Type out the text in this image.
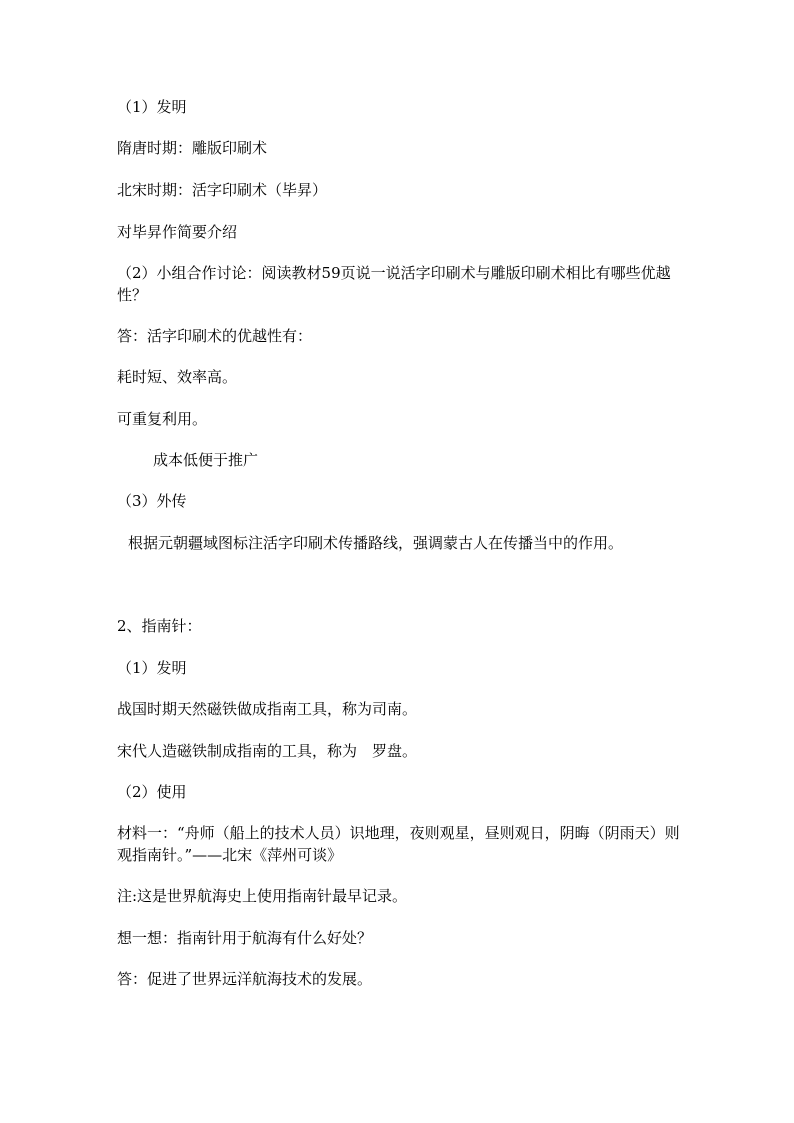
（1）发明
隋唐时期：雕版印刷术
北宋时期：活字印刷术（毕昇）
对毕昇作简要介绍
（2）小组合作讨论：阅读教材59页说一说活字印刷术与雕版印刷术相比有哪些优越性？
答：活字印刷术的优越性有：
耗时短、效率高。
可重复利用。
成本低便于推广
（3）外传
根据元朝疆域图标注活字印刷术传播路线，强调蒙古人在传播当中的作用。
2、指南针：
（1）发明
战国时期天然磁铁做成指南工具，称为司南。
宋代人造磁铁制成指南的工具，称为　罗盘。
（2）使用
材料一：“舟师（船上的技术人员）识地理，夜则观星，昼则观日，阴晦（阴雨天）则观指南针。”——北宋《萍州可谈》
注:这是世界航海史上使用指南针最早记录。
想一想：指南针用于航海有什么好处？
答：促进了世界远洋航海技术的发展。
